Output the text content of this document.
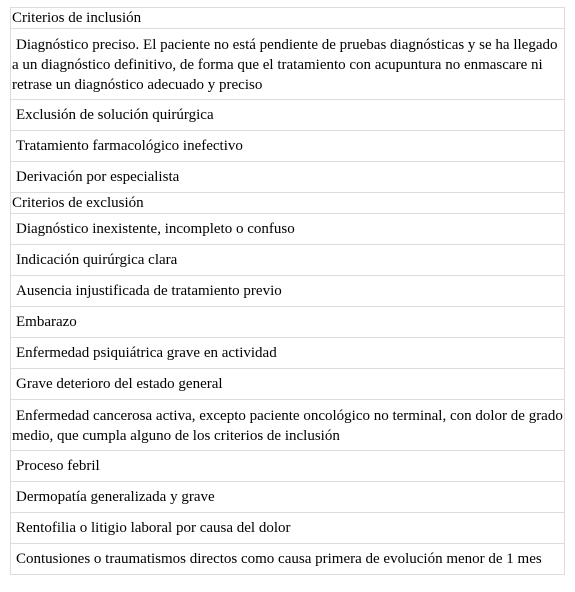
Criterios de inclusión
Diagnóstico preciso. El paciente no está pendiente de pruebas diagnósticas y se ha llegado a un diagnóstico definitivo, de forma que el tratamiento con acupuntura no enmascare ni retrase un diagnóstico adecuado y preciso
Exclusión de solución quirúrgica
Tratamiento farmacológico inefectivo
Derivación por especialista
Criterios de exclusión
Diagnóstico inexistente, incompleto o confuso
Indicación quirúrgica clara
Ausencia injustificada de tratamiento previo
Embarazo
Enfermedad psiquiátrica grave en actividad
Grave deterioro del estado general
Enfermedad cancerosa activa, excepto paciente oncológico no terminal, con dolor de grado medio, que cumpla alguno de los criterios de inclusión
Proceso febril
Dermopatía generalizada y grave
Rentofilia o litigio laboral por causa del dolor
Contusiones o traumatismos directos como causa primera de evolución menor de 1 mes
